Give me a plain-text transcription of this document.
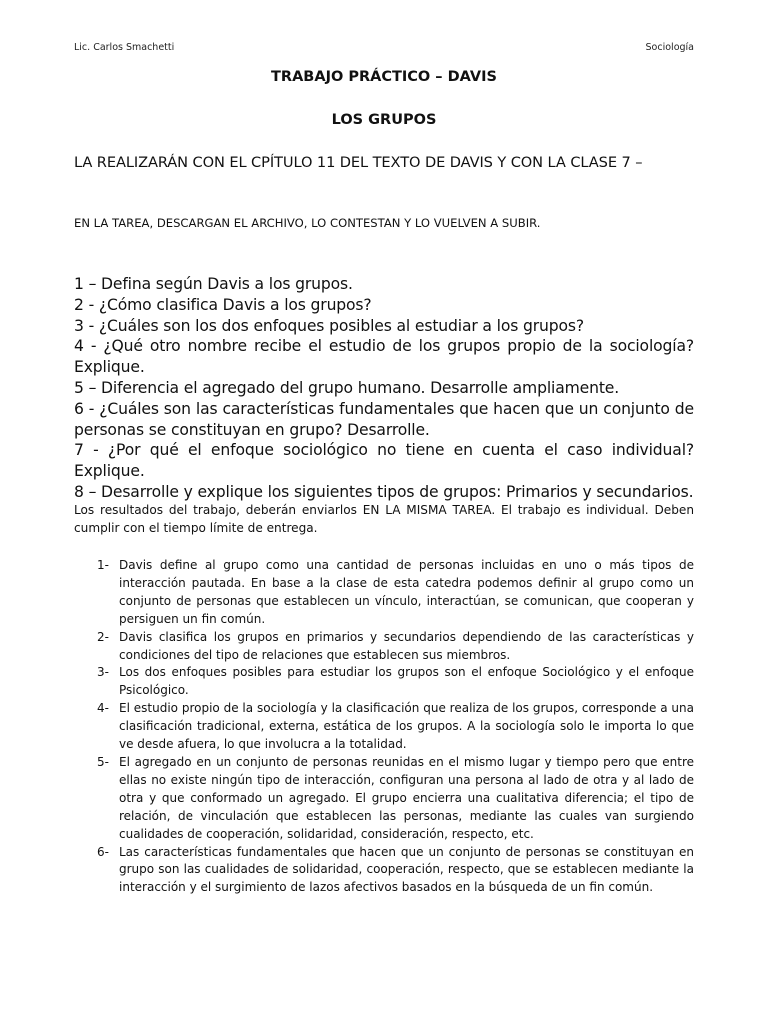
Lic. Carlos Smachetti	Sociología
TRABAJO PRÁCTICO – DAVIS
LOS GRUPOS
LA REALIZARÁN CON EL CPÍTULO 11 DEL TEXTO DE DAVIS Y CON LA CLASE 7 –
EN LA TAREA, DESCARGAN EL ARCHIVO, LO CONTESTAN Y LO VUELVEN A SUBIR.

1 – Defina según Davis a los grupos.

2 - ¿Cómo clasifica Davis a los grupos?

3 - ¿Cuáles son los dos enfoques posibles al estudiar a los grupos?

4 - ¿Qué otro nombre recibe el estudio de los grupos propio de la sociología? Explique.

5 – Diferencia el agregado del grupo humano. Desarrolle ampliamente.

6 - ¿Cuáles son las características fundamentales que hacen que un conjunto de personas se constituyan en grupo? Desarrolle.

7 - ¿Por qué el enfoque sociológico no tiene en cuenta el caso individual? Explique.

8 – Desarrolle y explique los siguientes tipos de grupos: Primarios y secundarios.

Los resultados del trabajo, deberán enviarlos EN LA MISMA TAREA. El trabajo es individual. Deben cumplir con el tiempo límite de entrega.
1- Davis define al grupo como una cantidad de personas incluidas en uno o más tipos de interacción pautada. En base a la clase de esta catedra podemos definir al grupo como un conjunto de personas que establecen un vínculo, interactúan, se comunican, que cooperan y persiguen un fin común.
2- Davis clasifica los grupos en primarios y secundarios dependiendo de las características y condiciones del tipo de relaciones que establecen sus miembros.
3- Los dos enfoques posibles para estudiar los grupos son el enfoque Sociológico y el enfoque Psicológico.
4- El estudio propio de la sociología y la clasificación que realiza de los grupos, corresponde a una clasificación tradicional, externa, estática de los grupos. A la sociología solo le importa lo que ve desde afuera, lo que involucra a la totalidad.
5- El agregado en un conjunto de personas reunidas en el mismo lugar y tiempo pero que entre ellas no existe ningún tipo de interacción, configuran una persona al lado de otra y al lado de otra y que conformado un agregado. El grupo encierra una cualitativa diferencia; el tipo de relación, de vinculación que establecen las personas, mediante las cuales van surgiendo cualidades de cooperación, solidaridad, consideración, respecto, etc.
6- Las características fundamentales que hacen que un conjunto de personas se constituyan en grupo son las cualidades de solidaridad, cooperación, respecto, que se establecen mediante la interacción y el surgimiento de lazos afectivos basados en la búsqueda de un fin común.
